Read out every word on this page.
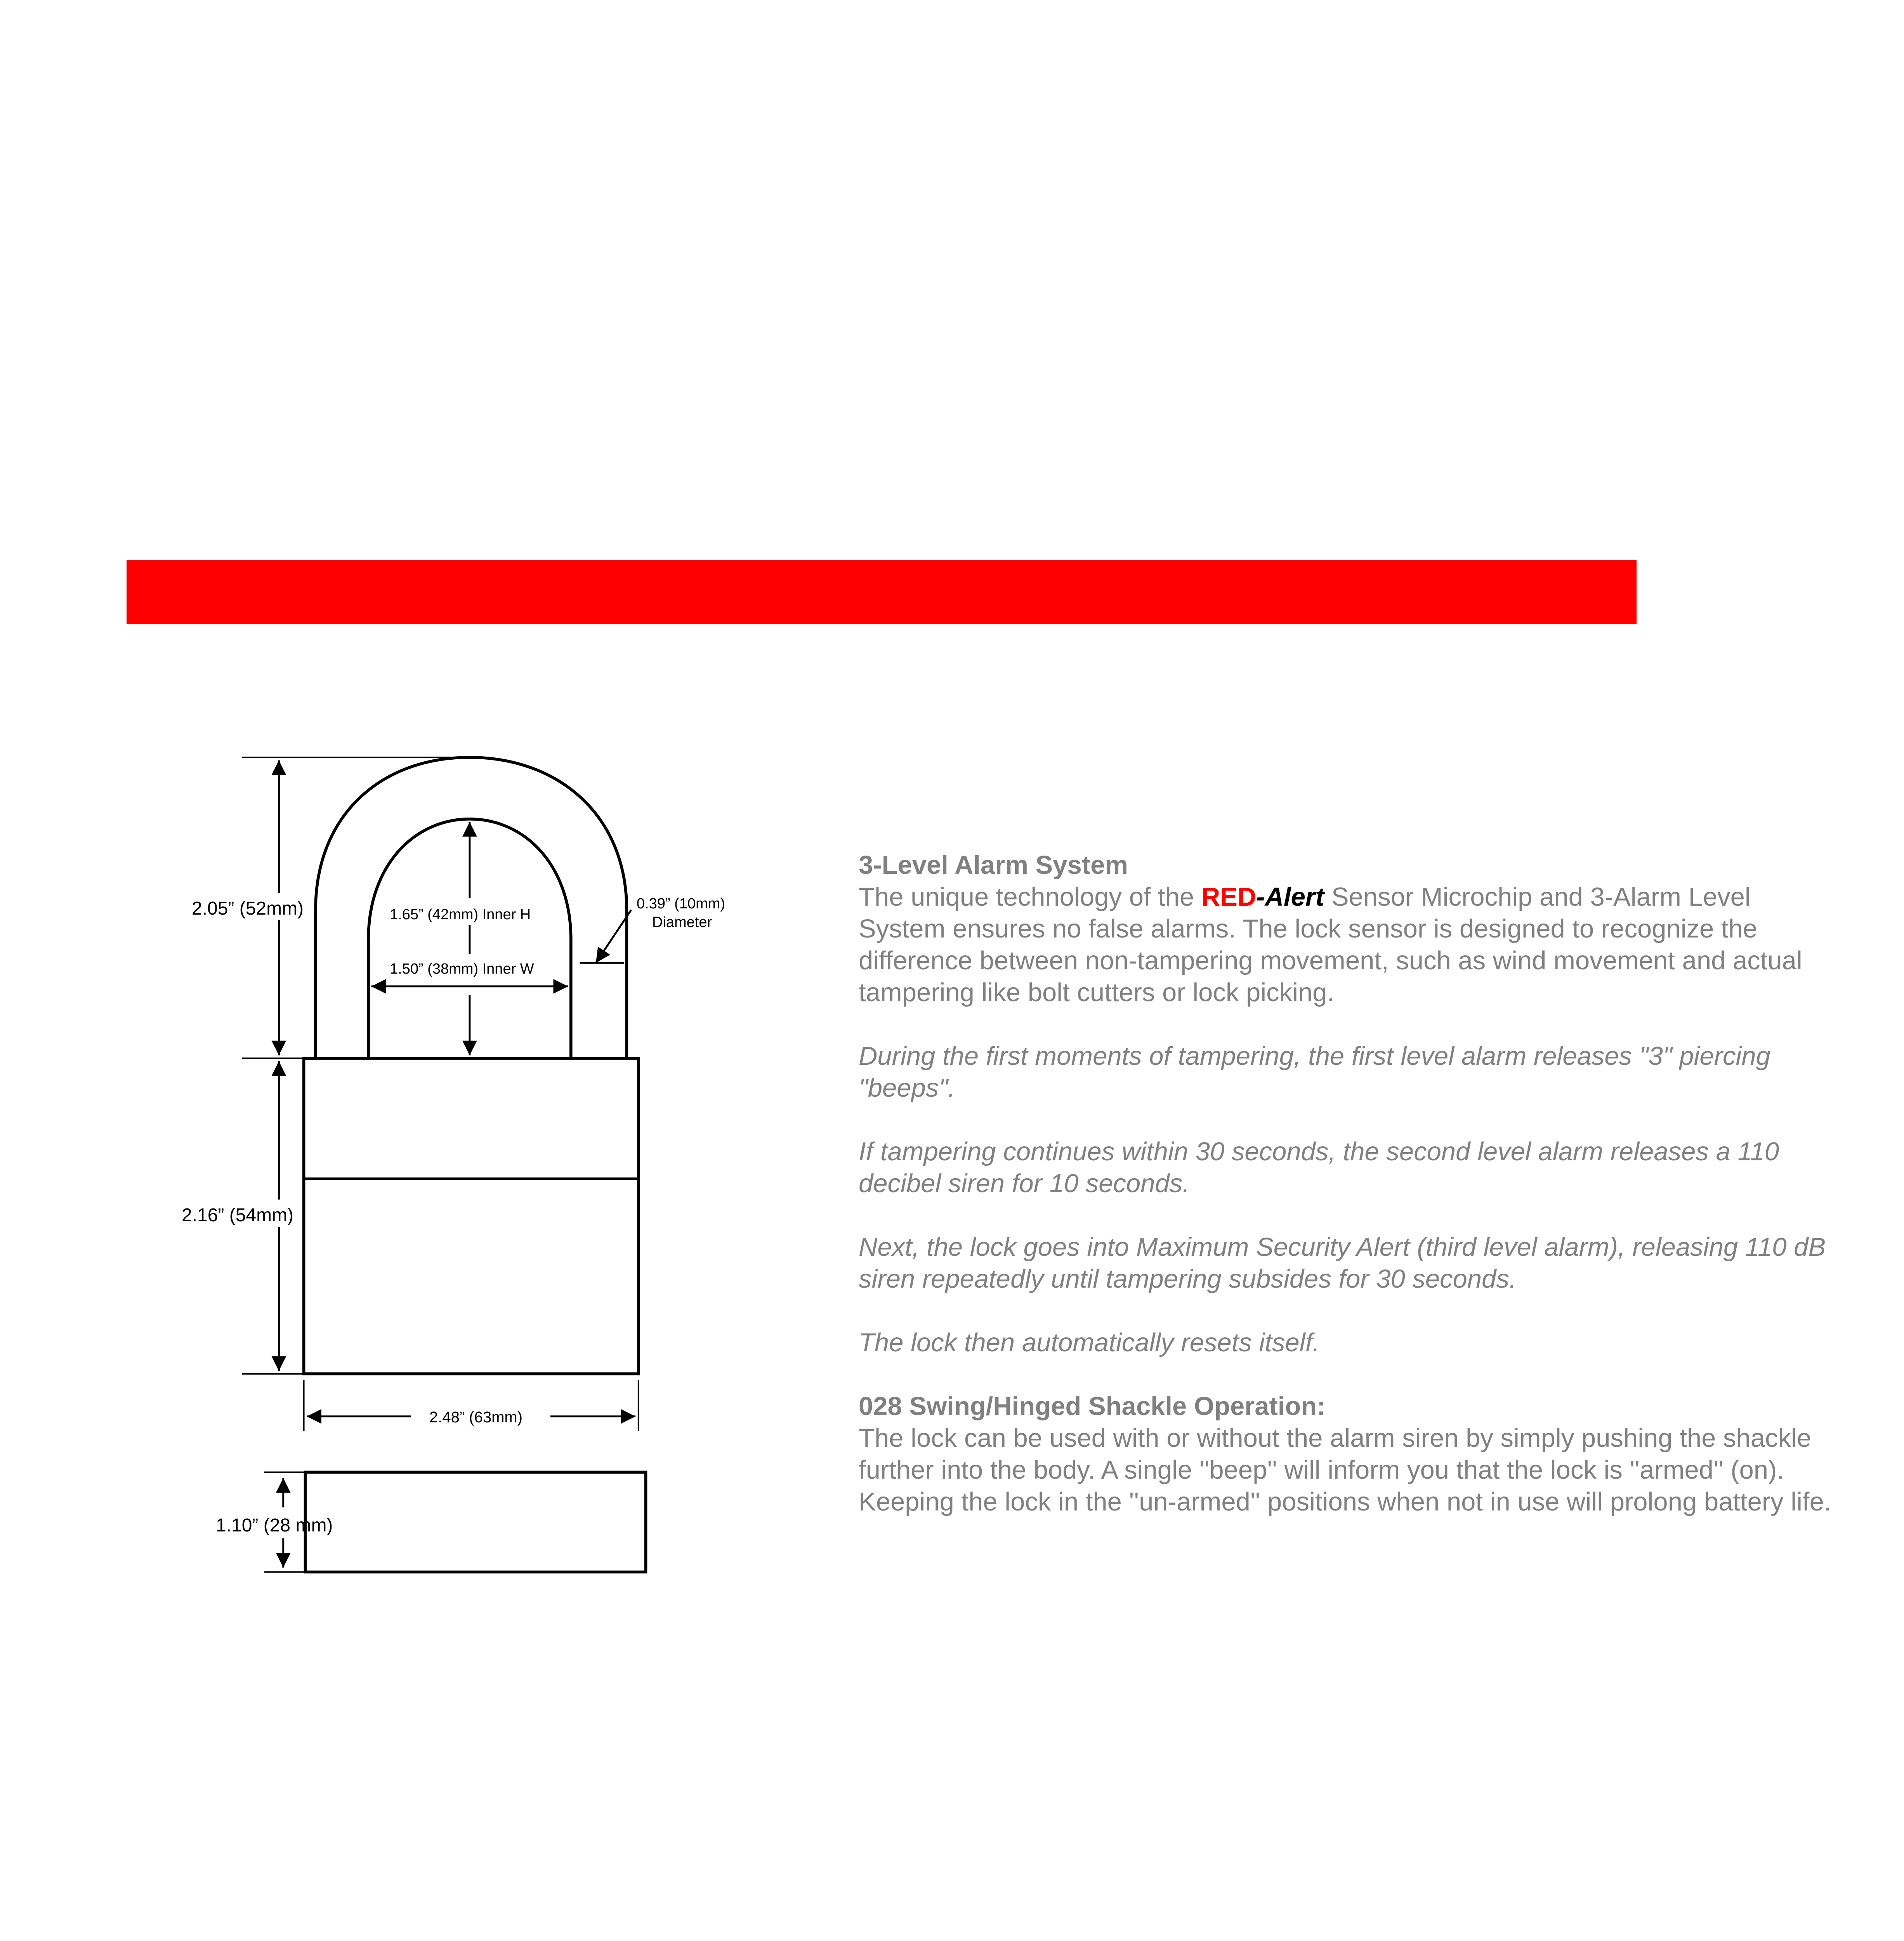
2.05” (52mm)	1.65” (42mm) Inner H
1.50” (38mm) Inner W
0.39” (10mm)
Diameter
2.16” (54mm)
2.48” (63mm)
1.10” (28 mm)

3-Level Alarm System
The unique technology of the RED-Alert Sensor Microchip and 3-Alarm Level System ensures no false alarms. The lock sensor is designed to recognize the difference between non-tampering movement, such as wind movement and actual tampering like bolt cutters or lock picking.

During the first moments of tampering, the first level alarm releases "3" piercing "beeps".

If tampering continues within 30 seconds, the second level alarm releases a 110 decibel siren for 10 seconds.

Next, the lock goes into Maximum Security Alert (third level alarm), releasing 110 dB siren repeatedly until tampering subsides for 30 seconds.

The lock then automatically resets itself.

028 Swing/Hinged Shackle Operation:
The lock can be used with or without the alarm siren by simply pushing the shackle further into the body. A single ''beep'' will inform you that the lock is ''armed'' (on). Keeping the lock in the ''un-armed'' positions when not in use will prolong battery life.
